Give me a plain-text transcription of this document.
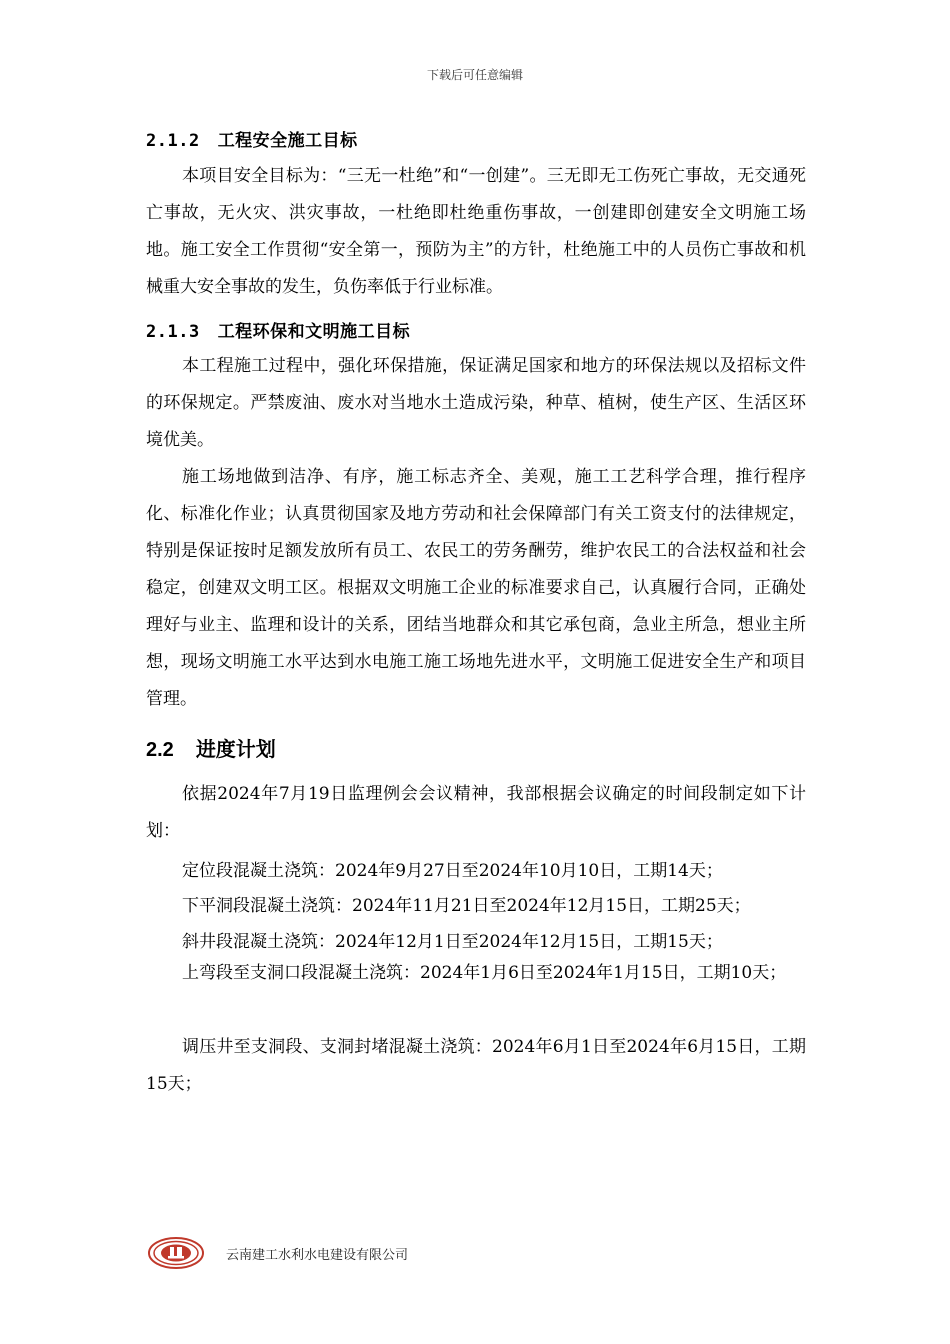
下载后可任意编辑
2.1.2 工程安全施工目标

本项目安全目标为：“三无一杜绝”和“一创建”。三无即无工伤死亡事故，无交通死亡事故，无火灾、洪灾事故，一杜绝即杜绝重伤事故，一创建即创建安全文明施工场地。施工安全工作贯彻“安全第一，预防为主”的方针，杜绝施工中的人员伤亡事故和机械重大安全事故的发生，负伤率低于行业标准。

2.1.3 工程环保和文明施工目标

本工程施工过程中，强化环保措施，保证满足国家和地方的环保法规以及招标文件的环保规定。严禁废油、废水对当地水土造成污染，种草、植树，使生产区、生活区环境优美。

施工场地做到洁净、有序，施工标志齐全、美观，施工工艺科学合理，推行程序化、标准化作业；认真贯彻国家及地方劳动和社会保障部门有关工资支付的法律规定，特别是保证按时足额发放所有员工、农民工的劳务酬劳，维护农民工的合法权益和社会稳定，创建双文明工区。根据双文明施工企业的标准要求自己，认真履行合同，正确处理好与业主、监理和设计的关系，团结当地群众和其它承包商，急业主所急，想业主所想，现场文明施工水平达到水电施工施工场地先进水平，文明施工促进安全生产和项目管理。

2.2 进度计划

依据2024年7月19日监理例会会议精神，我部根据会议确定的时间段制定如下计划：

定位段混凝土浇筑：2024年9月27日至2024年10月10日，工期14天；
下平洞段混凝土浇筑：2024年11月21日至2024年12月15日，工期25天；
斜井段混凝土浇筑：2024年12月1日至2024年12月15日，工期15天；

上弯段至支洞口段混凝土浇筑：2024年1月6日至2024年1月15日，工期10天；

调压井至支洞段、支洞封堵混凝土浇筑：2024年6月1日至2024年6月15日，工期15天；

云南建工水利水电建设有限公司
